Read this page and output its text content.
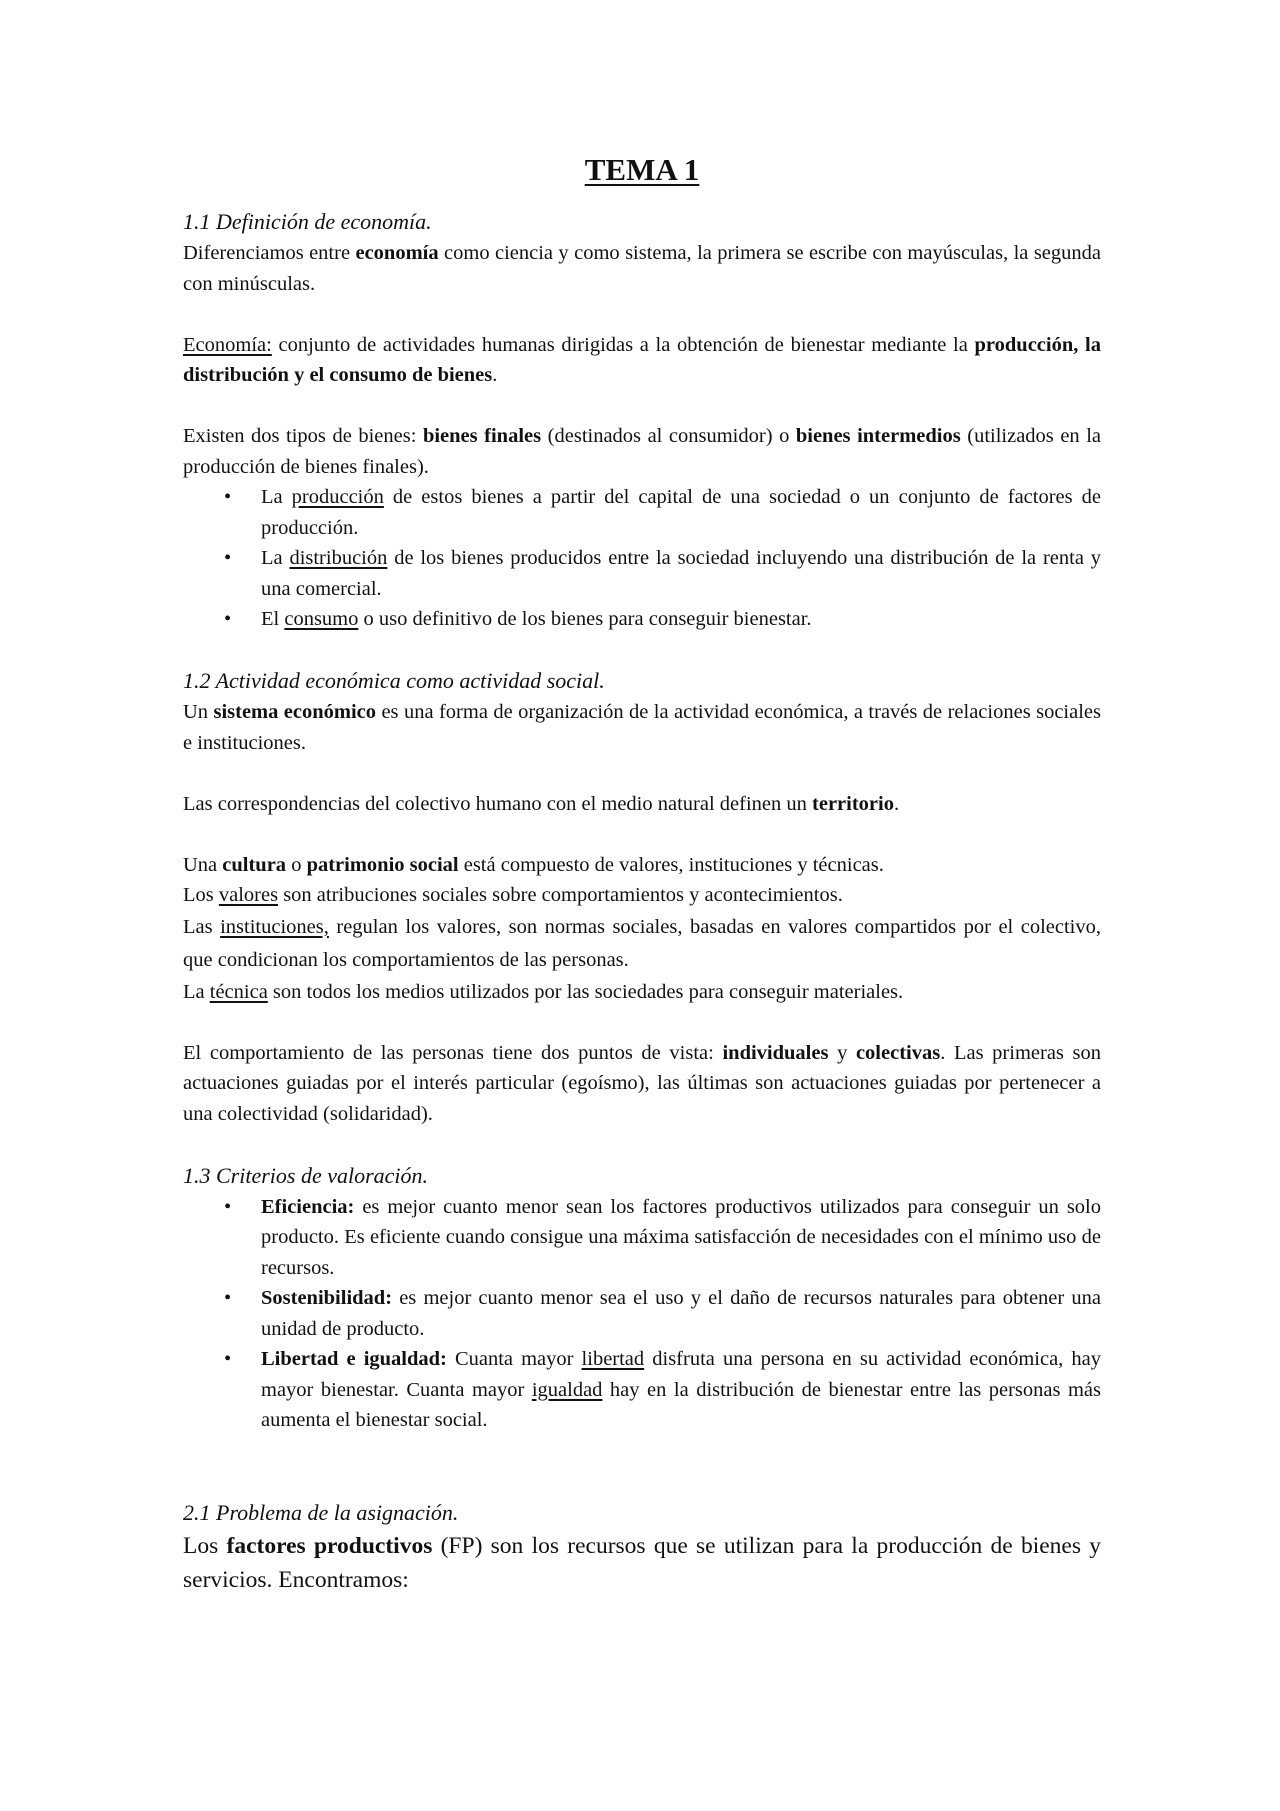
TEMA 1
1.1 Definición de economía.

Diferenciamos entre economía como ciencia y como sistema, la primera se escribe con mayúsculas, la segunda con minúsculas.

Economía: conjunto de actividades humanas dirigidas a la obtención de bienestar mediante la producción, la distribución y el consumo de bienes.

Existen dos tipos de bienes: bienes finales (destinados al consumidor) o bienes intermedios (utilizados en la producción de bienes finales).

• La producción de estos bienes a partir del capital de una sociedad o un conjunto de factores de producción.
• La distribución de los bienes producidos entre la sociedad incluyendo una distribución de la renta y una comercial.
• El consumo o uso definitivo de los bienes para conseguir bienestar.
1.2 Actividad económica como actividad social.

Un sistema económico es una forma de organización de la actividad económica, a través de relaciones sociales e instituciones.

Las correspondencias del colectivo humano con el medio natural definen un territorio.

Una cultura o patrimonio social está compuesto de valores, instituciones y técnicas.

Los valores son atribuciones sociales sobre comportamientos y acontecimientos.

Las instituciones, regulan los valores, son normas sociales, basadas en valores compartidos por el colectivo, que condicionan los comportamientos de las personas.

La técnica son todos los medios utilizados por las sociedades para conseguir materiales.

El comportamiento de las personas tiene dos puntos de vista: individuales y colectivas. Las primeras son actuaciones guiadas por el interés particular (egoísmo), las últimas son actuaciones guiadas por pertenecer a una colectividad (solidaridad).

1.3 Criterios de valoración.
• Eficiencia: es mejor cuanto menor sean los factores productivos utilizados para conseguir un solo producto. Es eficiente cuando consigue una máxima satisfacción de necesidades con el mínimo uso de recursos.
• Sostenibilidad: es mejor cuanto menor sea el uso y el daño de recursos naturales para obtener una unidad de producto.
• Libertad e igualdad: Cuanta mayor libertad disfruta una persona en su actividad económica, hay mayor bienestar. Cuanta mayor igualdad hay en la distribución de bienestar entre las personas más aumenta el bienestar social.
2.1 Problema de la asignación.

Los factores productivos (FP) son los recursos que se utilizan para la producción de bienes y servicios. Encontramos:
